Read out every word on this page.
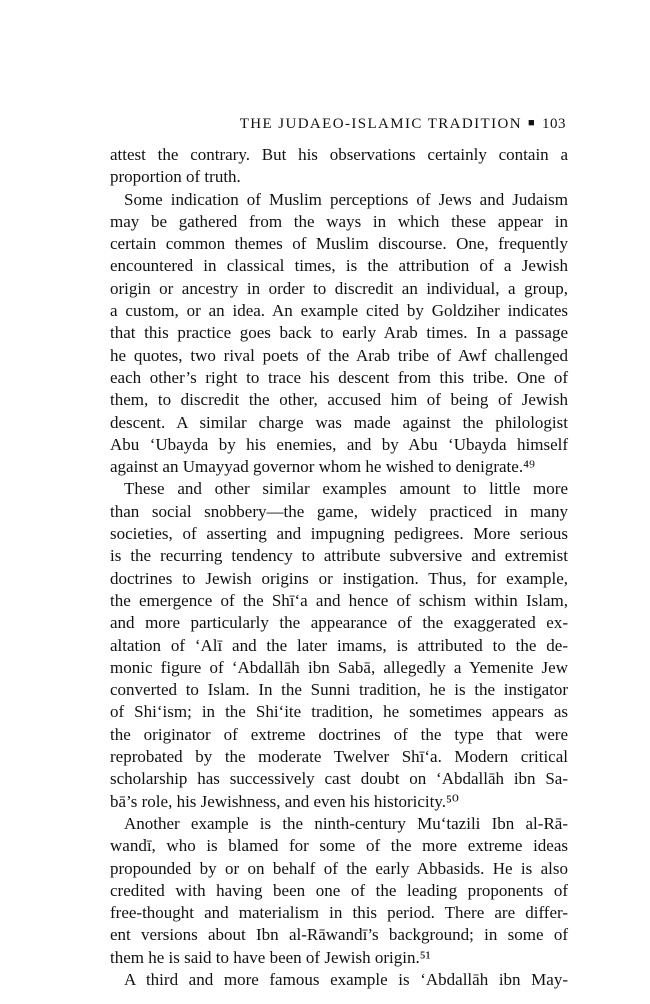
THE JUDAEO-ISLAMIC TRADITION ■ 103
attest the contrary. But his observations certainly contain a
proportion of truth.
Some indication of Muslim perceptions of Jews and Judaism
may be gathered from the ways in which these appear in
certain common themes of Muslim discourse. One, frequently
encountered in classical times, is the attribution of a Jewish
origin or ancestry in order to discredit an individual, a group,
a custom, or an idea. An example cited by Goldziher indicates
that this practice goes back to early Arab times. In a passage
he quotes, two rival poets of the Arab tribe of Awf challenged
each other’s right to trace his descent from this tribe. One of
them, to discredit the other, accused him of being of Jewish
descent. A similar charge was made against the philologist
Abu ‘Ubayda by his enemies, and by Abu ‘Ubayda himself
against an Umayyad governor whom he wished to denigrate.⁴⁹
These and other similar examples amount to little more
than social snobbery—the game, widely practiced in many
societies, of asserting and impugning pedigrees. More serious
is the recurring tendency to attribute subversive and extremist
doctrines to Jewish origins or instigation. Thus, for example,
the emergence of the Shī‘a and hence of schism within Islam,
and more particularly the appearance of the exaggerated ex-
altation of ‘Alī and the later imams, is attributed to the de-
monic figure of ‘Abdallāh ibn Sabā, allegedly a Yemenite Jew
converted to Islam. In the Sunni tradition, he is the instigator
of Shi‘ism; in the Shi‘ite tradition, he sometimes appears as
the originator of extreme doctrines of the type that were
reprobated by the moderate Twelver Shī‘a. Modern critical
scholarship has successively cast doubt on ‘Abdallāh ibn Sa-
bā’s role, his Jewishness, and even his historicity.⁵⁰
Another example is the ninth-century Mu‘tazili Ibn al-Rā-
wandī, who is blamed for some of the more extreme ideas
propounded by or on behalf of the early Abbasids. He is also
credited with having been one of the leading proponents of
free-thought and materialism in this period. There are differ-
ent versions about Ibn al-Rāwandī’s background; in some of
them he is said to have been of Jewish origin.⁵¹
A third and more famous example is ‘Abdallāh ibn May-
